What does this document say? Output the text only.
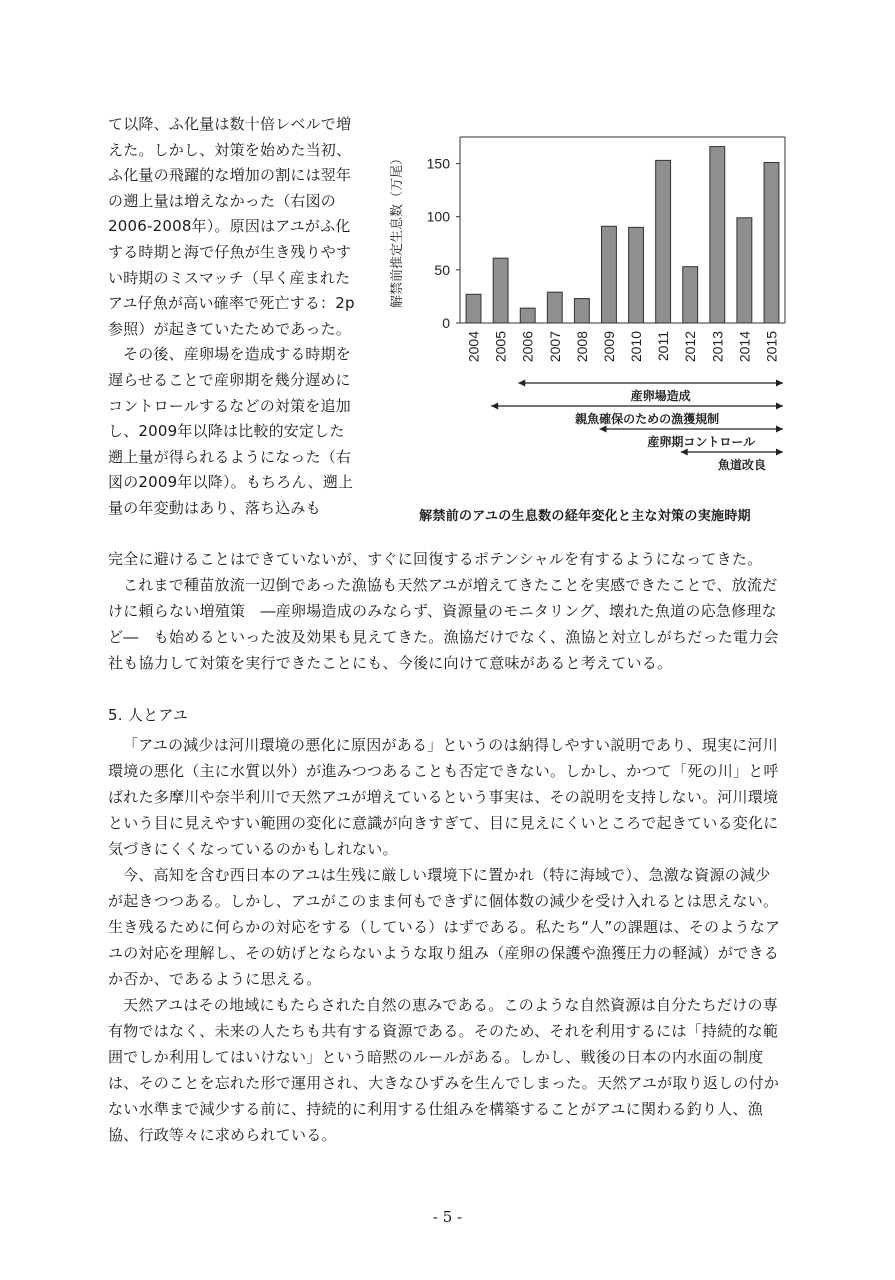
て以降、ふ化量は数十倍レベルで増えた。しかし、対策を始めた当初、ふ化量の飛躍的な増加の割には翌年の遡上量は増えなかった（右図の2006-2008年）。原因はアユがふ化する時期と海で仔魚が生き残りやすい時期のミスマッチ（早く産まれたアユ仔魚が高い確率で死亡する：2p参照）が起きていたためであった。

その後、産卵場を造成する時期を遅らせることで産卵期を幾分遅めにコントロールするなどの対策を追加し、2009年以降は比較的安定した遡上量が得られるようになった（右図の2009年以降）。もちろん、遡上量の年変動はあり、落ち込みも

0
50
100
150
解禁前推定生息数（万尾）
2004 2005 2006 2007 2008 2009 2010 2011 2012 2013 2014 2015
産卵場造成
親魚確保のための漁獲規制
産卵期コントロール
魚道改良
解禁前のアユの生息数の経年変化と主な対策の実施時期

完全に避けることはできていないが、すぐに回復するポテンシャルを有するようになってきた。

これまで種苗放流一辺倒であった漁協も天然アユが増えてきたことを実感できたことで、放流だけに頼らない増殖策　―産卵場造成のみならず、資源量のモニタリング、壊れた魚道の応急修理など―　も始めるといった波及効果も見えてきた。漁協だけでなく、漁協と対立しがちだった電力会社も協力して対策を実行できたことにも、今後に向けて意味があると考えている。

5. 人とアユ

「アユの減少は河川環境の悪化に原因がある」というのは納得しやすい説明であり、現実に河川環境の悪化（主に水質以外）が進みつつあることも否定できない。しかし、かつて「死の川」と呼ばれた多摩川や奈半利川で天然アユが増えているという事実は、その説明を支持しない。河川環境という目に見えやすい範囲の変化に意識が向きすぎて、目に見えにくいところで起きている変化に気づきにくくなっているのかもしれない。

今、高知を含む西日本のアユは生残に厳しい環境下に置かれ（特に海域で）、急激な資源の減少が起きつつある。しかし、アユがこのまま何もできずに個体数の減少を受け入れるとは思えない。生き残るために何らかの対応をする（している）はずである。私たち“人”の課題は、そのようなアユの対応を理解し、その妨げとならないような取り組み（産卵の保護や漁獲圧力の軽減）ができるか否か、であるように思える。

天然アユはその地域にもたらされた自然の恵みである。このような自然資源は自分たちだけの専有物ではなく、未来の人たちも共有する資源である。そのため、それを利用するには「持続的な範囲でしか利用してはいけない」という暗黙のルールがある。しかし、戦後の日本の内水面の制度は、そのことを忘れた形で運用され、大きなひずみを生んでしまった。天然アユが取り返しの付かない水準まで減少する前に、持続的に利用する仕組みを構築することがアユに関わる釣り人、漁協、行政等々に求められている。

- 5 -
